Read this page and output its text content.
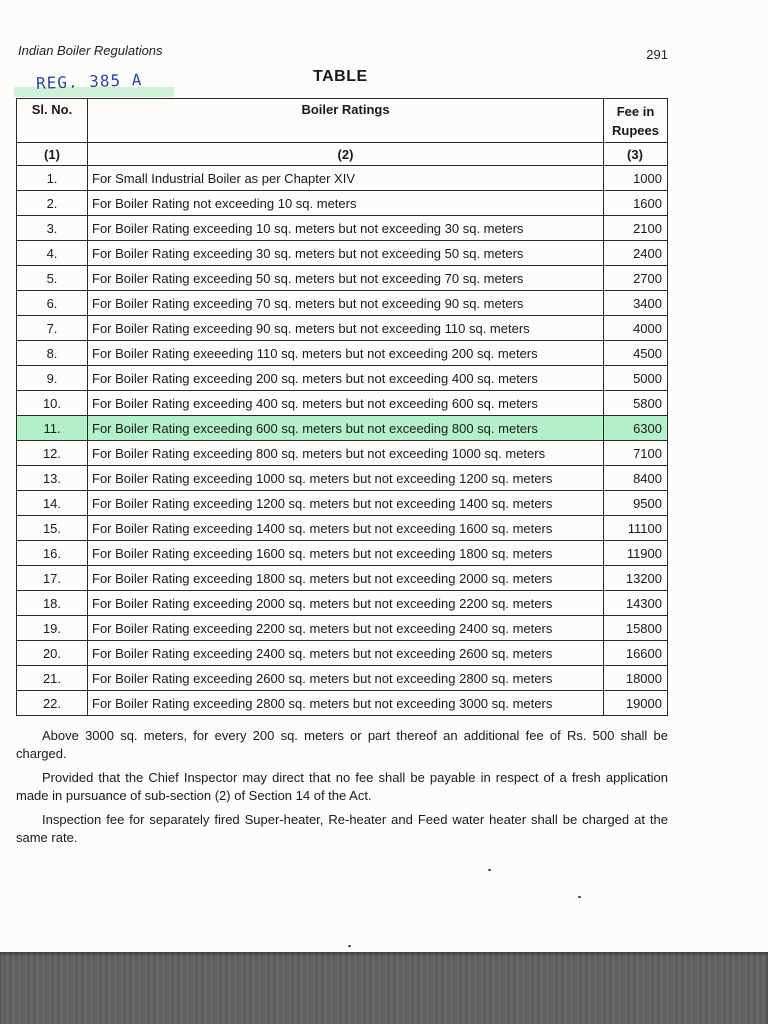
Indian Boiler Regulations	291
REG. 385 A	TABLE
Sl. No.	Boiler Ratings	Fee in Rupees
(1)	(2)	(3)
1.	For Small Industrial Boiler as per Chapter XIV	1000
2.	For Boiler Rating not exceeding 10 sq. meters	1600
3.	For Boiler Rating exceeding 10 sq. meters but not exceeding 30 sq. meters	2100
4.	For Boiler Rating exceeding 30 sq. meters but not exceeding 50 sq. meters	2400
5.	For Boiler Rating exceeding 50 sq. meters but not exceeding 70 sq. meters	2700
6.	For Boiler Rating exceeding 70 sq. meters but not exceeding 90 sq. meters	3400
7.	For Boiler Rating exceeding 90 sq. meters but not exceeding 110 sq. meters	4000
8.	For Boiler Rating exeeeding 110 sq. meters but not exceeding 200 sq. meters	4500
9.	For Boiler Rating exceeding 200 sq. meters but not exceeding 400 sq. meters	5000
10.	For Boiler Rating exceeding 400 sq. meters but not exceeding 600 sq. meters	5800
11.	For Boiler Rating exceeding 600 sq. meters but not exceeding 800 sq. meters	6300
12.	For Boiler Rating exceeding 800 sq. meters but not exceeding 1000 sq. meters	7100
13.	For Boiler Rating exceeding 1000 sq. meters but not exceeding 1200 sq. meters	8400
14.	For Boiler Rating exceeding 1200 sq. meters but not exceeding 1400 sq. meters	9500
15.	For Boiler Rating exceeding 1400 sq. meters but not exceeding 1600 sq. meters	11100
16.	For Boiler Rating exceeding 1600 sq. meters but not exceeding 1800 sq. meters	11900
17.	For Boiler Rating exceeding 1800 sq. meters but not exceeding 2000 sq. meters	13200
18.	For Boiler Rating exceeding 2000 sq. meters but not exceeding 2200 sq. meters	14300
19.	For Boiler Rating exceeding 2200 sq. meters but not exceeding 2400 sq. meters	15800
20.	For Boiler Rating exceeding 2400 sq. meters but not exceeding 2600 sq. meters	16600
21.	For Boiler Rating exceeding 2600 sq. meters but not exceeding 2800 sq. meters	18000
22.	For Boiler Rating exceeding 2800 sq. meters but not exceeding 3000 sq. meters	19000

Above 3000 sq. meters, for every 200 sq. meters or part thereof an additional fee of Rs. 500 shall be charged.

Provided that the Chief Inspector may direct that no fee shall be payable in respect of a fresh application made in pursuance of sub-section (2) of Section 14 of the Act.

Inspection fee for separately fired Super-heater, Re-heater and Feed water heater shall be charged at the same rate.
